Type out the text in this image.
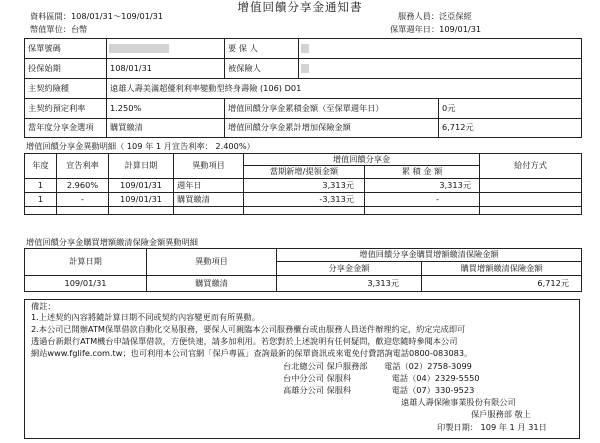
增值回饋分享金通知書
資料區間：108/01/31～109/01/31
幣值單位：台幣
服務人員：泛亞保經
保單週年日：109/01/31
保單號碼		要 保 人		
投保始期	108/01/31	被保險人		
主契約險種	遠雄人壽美滿超優利利率變動型終身壽險 (106) D01			
主契約預定利率	1.250%	增值回饋分享金累積金額（至保單週年日）		0元
當年度分享金選項	購買繳清	增值回饋分享金累計增加保險金額		6,712元
增值回饋分享金異動明細（ 109 年 1 月宣告利率： 2.400%）
年度	宣告利率	計算日期	異動項目	增值回饋分享金		給付方式
				當期新增/提領金額	累 積 金 額	
1	2.960%	109/01/31	週年日	3,313元	3,313元	
1	-	109/01/31	購買繳清	-3,313元	-	

增值回饋分享金購買增額繳清保險金額異動明細
計算日期	異動項目	增值回饋分享金購買增額繳清保險金額	
		分享金金額	購買增額繳清保險金額
109/01/31	購買繳清	3,313元	6,712元
備註：
1.上述契約內容將隨計算日期不同或契約內容變更而有所異動。
2.本公司已開辦ATM保單借款自動化交易服務，要保人可親臨本公司服務櫃台或由服務人員送件辦理約定，約定完成即可
透過台新銀行ATM機台申請保單借款，方便快速，請多加利用。若您對於上述說明有任何疑問，歡迎您隨時參閱本公司
網站www.fglife.com.tw；也可利用本公司官網「保戶專區」查詢最新的保單資訊或來電免付費諮詢電話0800-083083。
台北總公司 保戶服務部 電話（02）2758-3099
台中分公司 保服科	電話（04）2329-5550
高雄分公司 保服科	電話（07）330-9523
遠雄人壽保險事業股份有限公司
保戶服務部 敬上
印製日期： 109 年 1 月 31日
